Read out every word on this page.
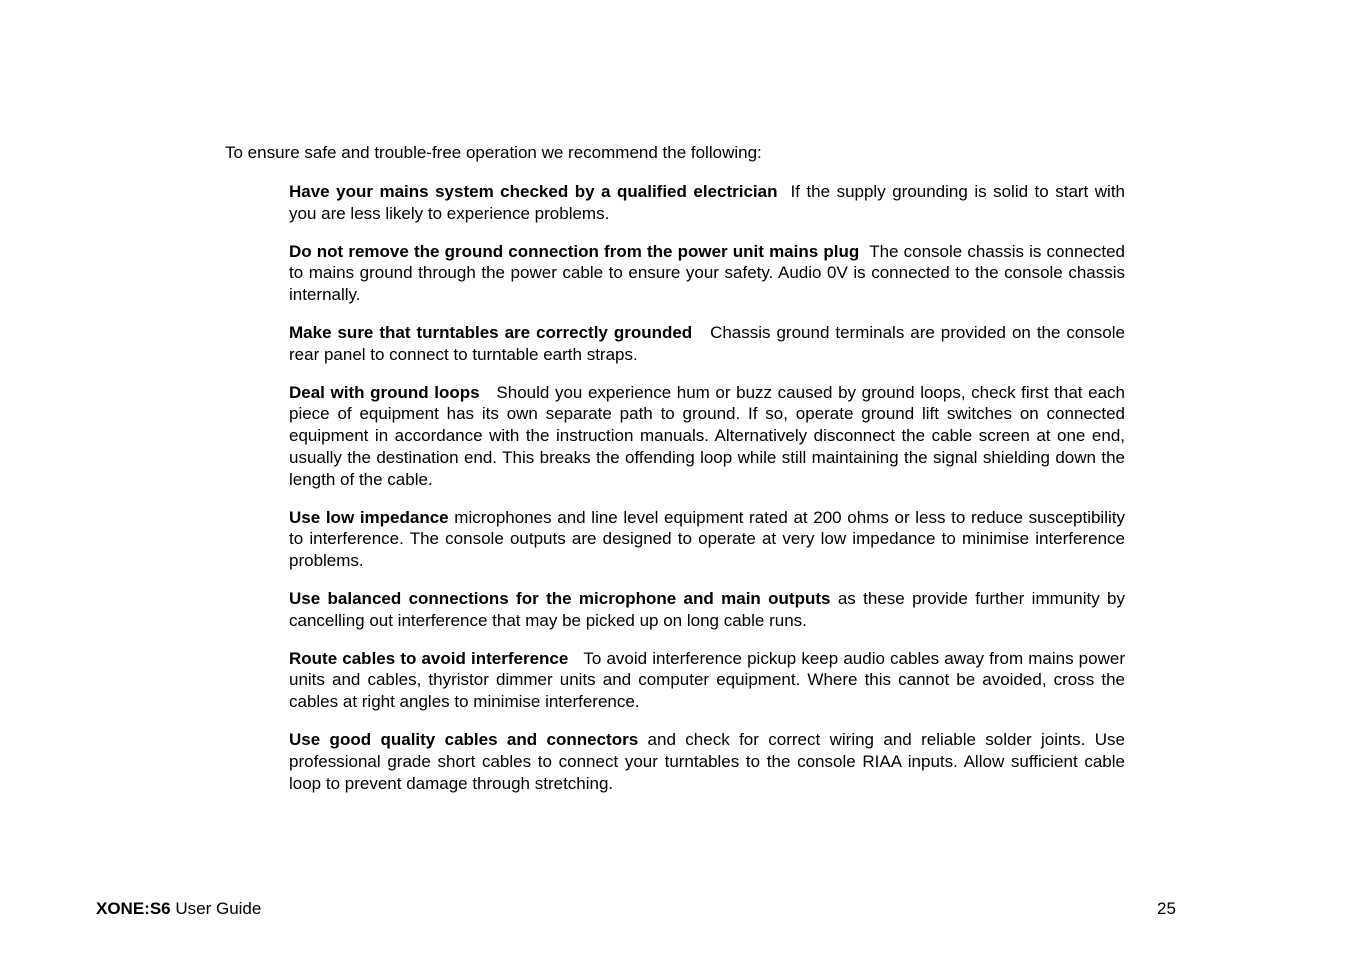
To ensure safe and trouble-free operation we recommend the following:

Have your mains system checked by a qualified electrician If the supply grounding is solid to start with you are less likely to experience problems.

Do not remove the ground connection from the power unit mains plug The console chassis is connected to mains ground through the power cable to ensure your safety. Audio 0V is connected to the console chassis internally.

Make sure that turntables are correctly grounded Chassis ground terminals are provided on the console rear panel to connect to turntable earth straps.

Deal with ground loops Should you experience hum or buzz caused by ground loops, check first that each piece of equipment has its own separate path to ground. If so, operate ground lift switches on connected equipment in accordance with the instruction manuals. Alternatively disconnect the cable screen at one end, usually the destination end. This breaks the offending loop while still maintaining the signal shielding down the length of the cable.

Use low impedance microphones and line level equipment rated at 200 ohms or less to reduce susceptibility to interference. The console outputs are designed to operate at very low impedance to minimise interference problems.

Use balanced connections for the microphone and main outputs as these provide further immunity by cancelling out interference that may be picked up on long cable runs.

Route cables to avoid interference To avoid interference pickup keep audio cables away from mains power units and cables, thyristor dimmer units and computer equipment. Where this cannot be avoided, cross the cables at right angles to minimise interference.

Use good quality cables and connectors and check for correct wiring and reliable solder joints. Use professional grade short cables to connect your turntables to the console RIAA inputs. Allow sufficient cable loop to prevent damage through stretching.

XONE:S6 User Guide	25
